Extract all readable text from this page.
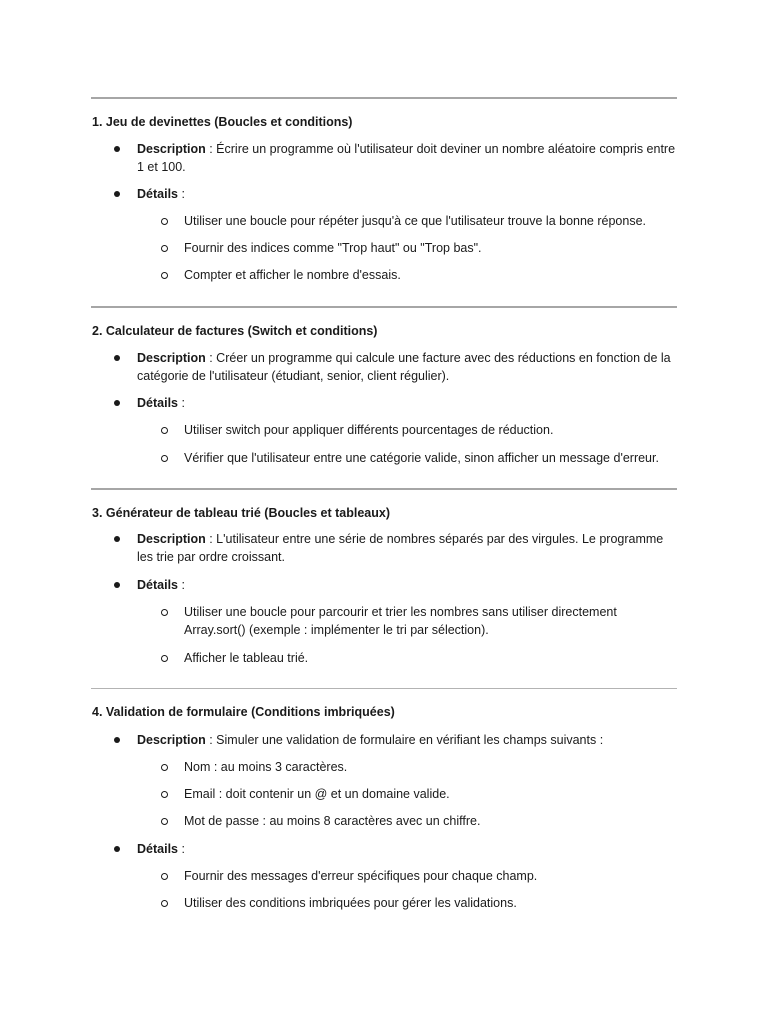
1. Jeu de devinettes (Boucles et conditions)
Description : Écrire un programme où l'utilisateur doit deviner un nombre aléatoire compris entre 1 et 100.
Détails :
Utiliser une boucle pour répéter jusqu'à ce que l'utilisateur trouve la bonne réponse.
Fournir des indices comme "Trop haut" ou "Trop bas".
Compter et afficher le nombre d'essais.
2. Calculateur de factures (Switch et conditions)
Description : Créer un programme qui calcule une facture avec des réductions en fonction de la catégorie de l'utilisateur (étudiant, senior, client régulier).
Détails :
Utiliser switch pour appliquer différents pourcentages de réduction.
Vérifier que l'utilisateur entre une catégorie valide, sinon afficher un message d'erreur.
3. Générateur de tableau trié (Boucles et tableaux)
Description : L'utilisateur entre une série de nombres séparés par des virgules. Le programme les trie par ordre croissant.
Détails :
Utiliser une boucle pour parcourir et trier les nombres sans utiliser directement Array.sort() (exemple : implémenter le tri par sélection).
Afficher le tableau trié.
4. Validation de formulaire (Conditions imbriquées)
Description : Simuler une validation de formulaire en vérifiant les champs suivants :
Nom : au moins 3 caractères.
Email : doit contenir un @ et un domaine valide.
Mot de passe : au moins 8 caractères avec un chiffre.
Détails :
Fournir des messages d'erreur spécifiques pour chaque champ.
Utiliser des conditions imbriquées pour gérer les validations.
